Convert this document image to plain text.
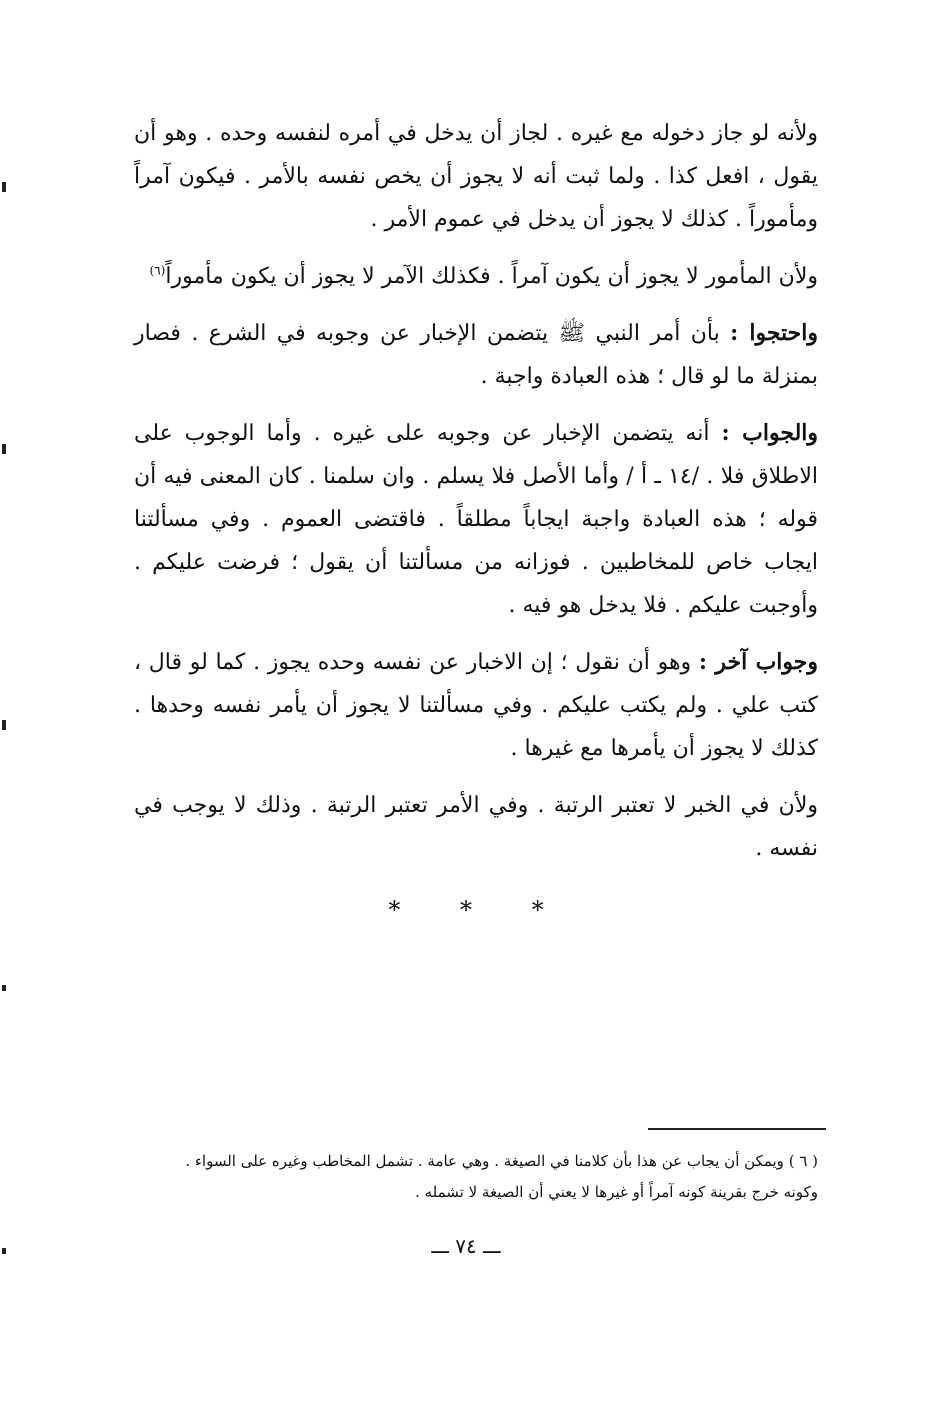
ولأنه لو جاز دخوله مع غيره . لجاز أن يدخل في أمره لنفسه وحده . وهو أن يقول ، افعل كذا . ولما ثبت أنه لا يجوز أن يخص نفسه بالأمر . فيكون آمراً ومأموراً . كذلك لا يجوز أن يدخل في عموم الأمر .

ولأن المأمور لا يجوز أن يكون آمراً . فكذلك الآمر لا يجوز أن يكون مأموراً$^{(٦)}$

واحتجوا : بأن أمر النبي ﷺ يتضمن الإخبار عن وجوبه في الشرع . فصار بمنزلة ما لو قال ؛ هذه العبادة واجبة .

والجواب : أنه يتضمن الإخبار عن وجوبه على غيره . وأما الوجوب على الاطلاق فلا . /١٤ ـ أ / وأما الأصل فلا يسلم . وان سلمنا . كان المعنى فيه أن قوله ؛ هذه العبادة واجبة ايجاباً مطلقاً . فاقتضى العموم . وفي مسألتنا ايجاب خاص للمخاطبين . فوزانه من مسألتنا أن يقول ؛ فرضت عليكم . وأوجبت عليكم . فلا يدخل هو فيه .

وجواب آخر : وهو أن نقول ؛ إن الاخبار عن نفسه وحده يجوز . كما لو قال ، كتب علي . ولم يكتب عليكم . وفي مسألتنا لا يجوز أن يأمر نفسه وحدها . كذلك لا يجوز أن يأمرها مع غيرها .

ولأن في الخبر لا تعتبر الرتبة . وفي الأمر تعتبر الرتبة . وذلك لا يوجب في نفسه .

* * *
( ٦ ) ويمكن أن يجاب عن هذا بأن كلامنا في الصيغة . وهي عامة . تشمل المخاطب وغيره على السواء .
وكونه خرج بقرينة كونه آمراً أو غيرها لا يعني أن الصيغة لا تشمله .
ـــ ٧٤ ـــ
